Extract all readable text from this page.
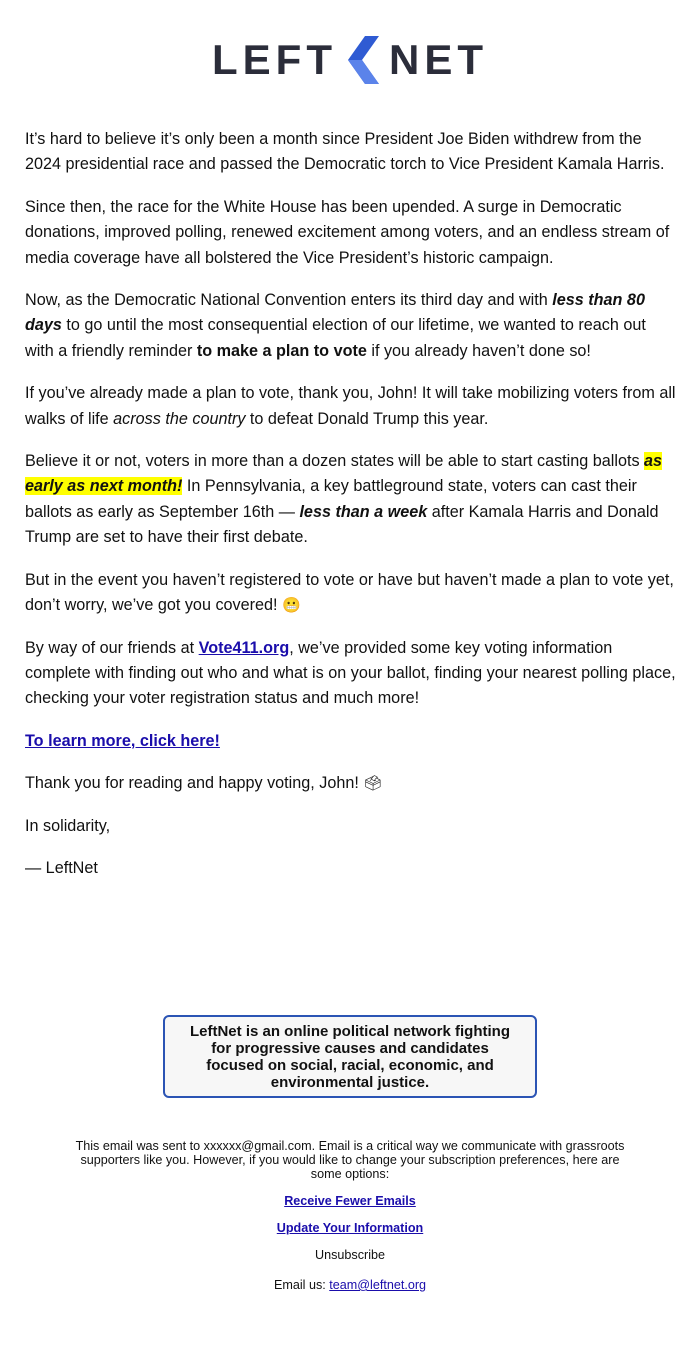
LEFT NET

It’s hard to believe it’s only been a month since President Joe Biden withdrew from the 2024 presidential race and passed the Democratic torch to Vice President Kamala Harris.

Since then, the race for the White House has been upended. A surge in Democratic donations, improved polling, renewed excitement among voters, and an endless stream of media coverage have all bolstered the Vice President’s historic campaign.

Now, as the Democratic National Convention enters its third day and with less than 80 days to go until the most consequential election of our lifetime, we wanted to reach out with a friendly reminder to make a plan to vote if you already haven’t done so!

If you’ve already made a plan to vote, thank you, John! It will take mobilizing voters from all walks of life across the country to defeat Donald Trump this year.

Believe it or not, voters in more than a dozen states will be able to start casting ballots as early as next month! In Pennsylvania, a key battleground state, voters can cast their ballots as early as September 16th — less than a week after Kamala Harris and Donald Trump are set to have their first debate.

But in the event you haven’t registered to vote or have but haven’t made a plan to vote yet, don’t worry, we’ve got you covered! 😬

By way of our friends at Vote411.org, we’ve provided some key voting information complete with finding out who and what is on your ballot, finding your nearest polling place, checking your voter registration status and much more!

To learn more, click here!

Thank you for reading and happy voting, John! 🗳

In solidarity,

— LeftNet

LeftNet is an online political network fighting for progressive causes and candidates focused on social, racial, economic, and environmental justice.
This email was sent to xxxxxx@gmail.com. Email is a critical way we communicate with grassroots supporters like you. However, if you would like to change your subscription preferences, here are some options:
Receive Fewer Emails
Update Your Information
Unsubscribe
Email us: team@leftnet.org
